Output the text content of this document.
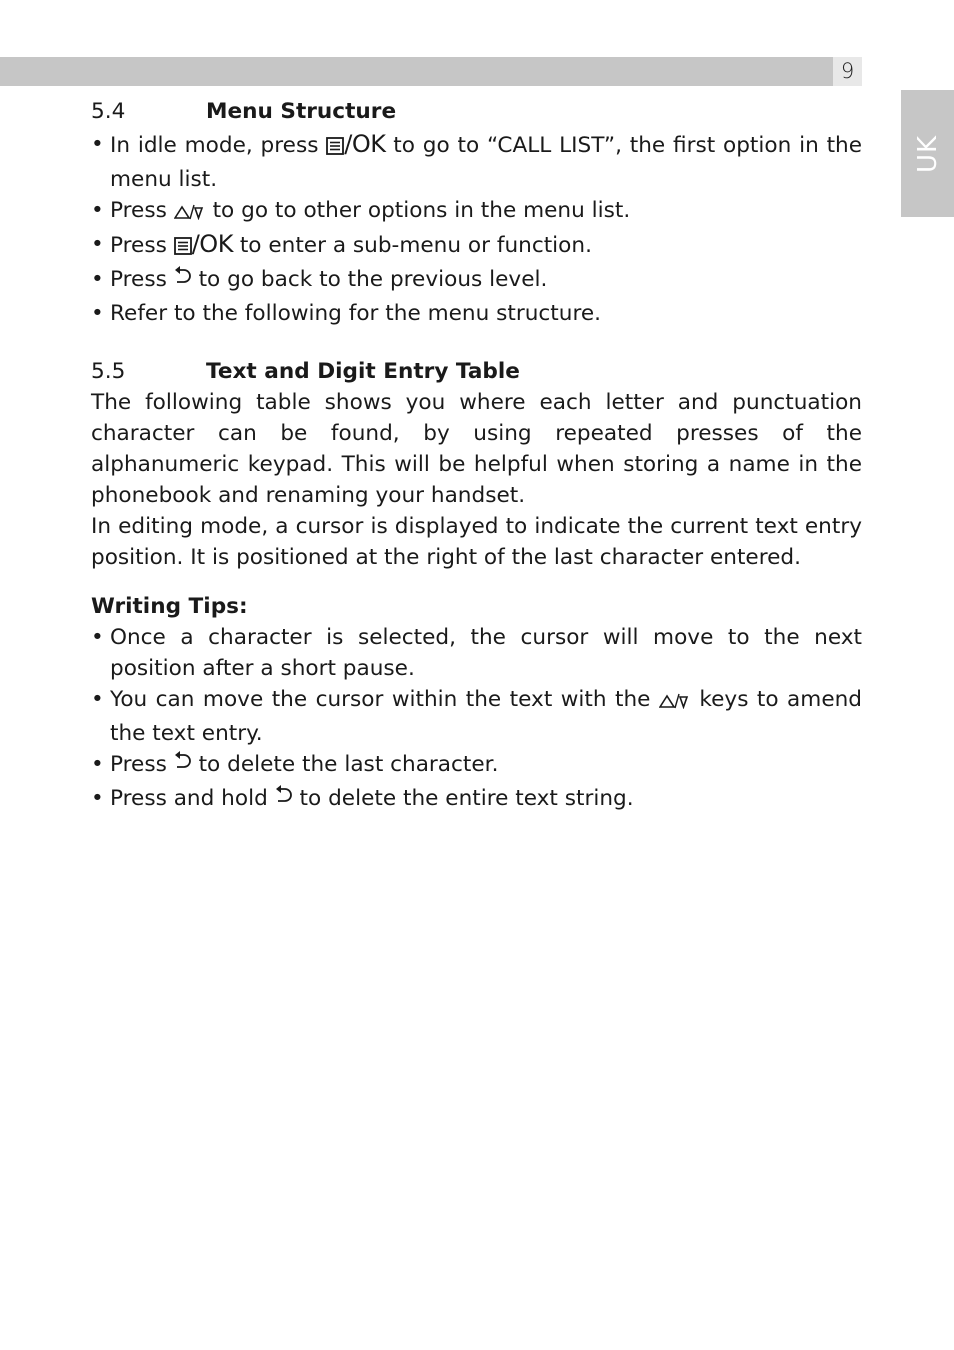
9
UK
5.4	Menu Structure
• In idle mode, press /OK to go to “CALL LIST”, the first option in the menu list.
• Press to go to other options in the menu list.
• Press /OK to enter a sub-menu or function.
• Press to go back to the previous level.
• Refer to the following for the menu structure.
5.5	Text and Digit Entry Table

The following table shows you where each letter and punctuation character can be found, by using repeated presses of the alphanumeric keypad. This will be helpful when storing a name in the phonebook and renaming your handset.

In editing mode, a cursor is displayed to indicate the current text entry position. It is positioned at the right of the last character entered.

Writing Tips:

• Once a character is selected, the cursor will move to the next position after a short pause.
• You can move the cursor within the text with the keys to amend the text entry.
• Press to delete the last character.
• Press and hold to delete the entire text string.
